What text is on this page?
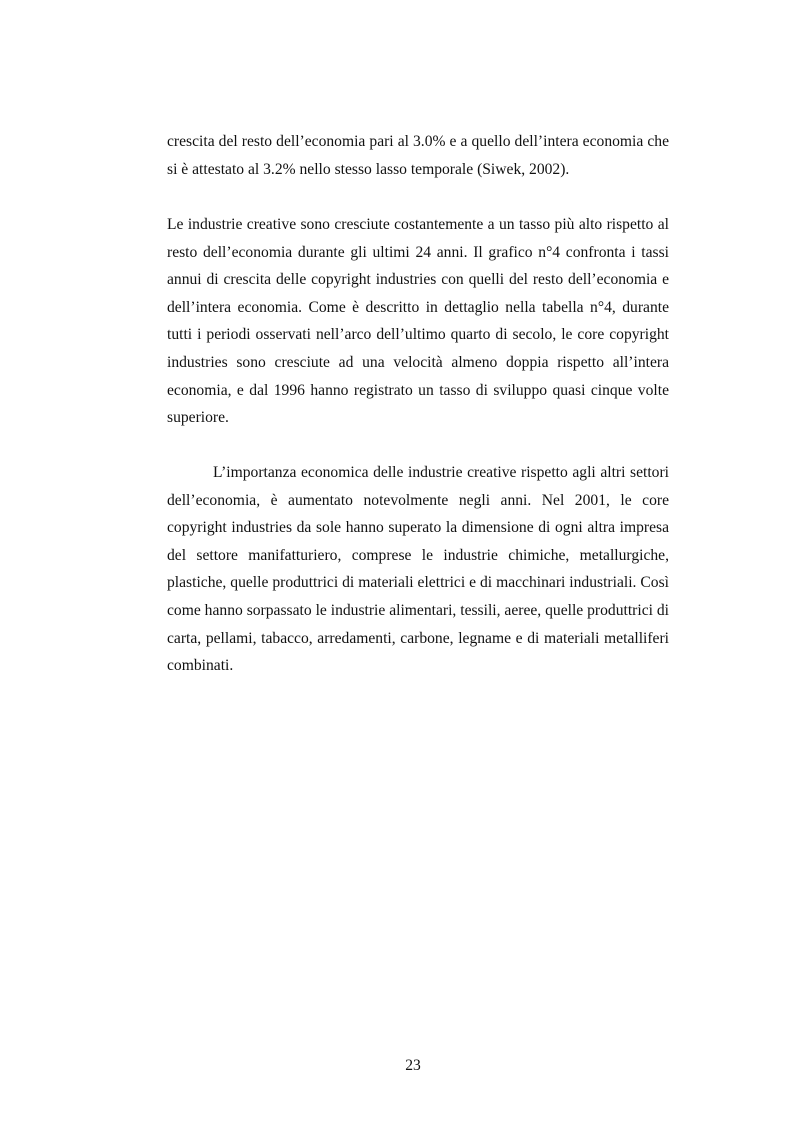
crescita del resto dell’economia pari al 3.0% e a quello dell’intera economia che si è attestato al 3.2% nello stesso lasso temporale (Siwek, 2002).

Le industrie creative sono cresciute costantemente a un tasso più alto rispetto al resto dell’economia durante gli ultimi 24 anni. Il grafico n°4 confronta i tassi annui di crescita delle copyright industries con quelli del resto dell’economia e dell’intera economia. Come è descritto in dettaglio nella tabella n°4, durante tutti i periodi osservati nell’arco dell’ultimo quarto di secolo, le core copyright industries sono cresciute ad una velocità almeno doppia rispetto all’intera economia, e dal 1996 hanno registrato un tasso di sviluppo quasi cinque volte superiore.

L’importanza economica delle industrie creative rispetto agli altri settori dell’economia, è aumentato notevolmente negli anni. Nel 2001, le core copyright industries da sole hanno superato la dimensione di ogni altra impresa del settore manifatturiero, comprese le industrie chimiche, metallurgiche, plastiche, quelle produttrici di materiali elettrici e di macchinari industriali. Così come hanno sorpassato le industrie alimentari, tessili, aeree, quelle produttrici di carta, pellami, tabacco, arredamenti, carbone, legname e di materiali metalliferi combinati.

23
